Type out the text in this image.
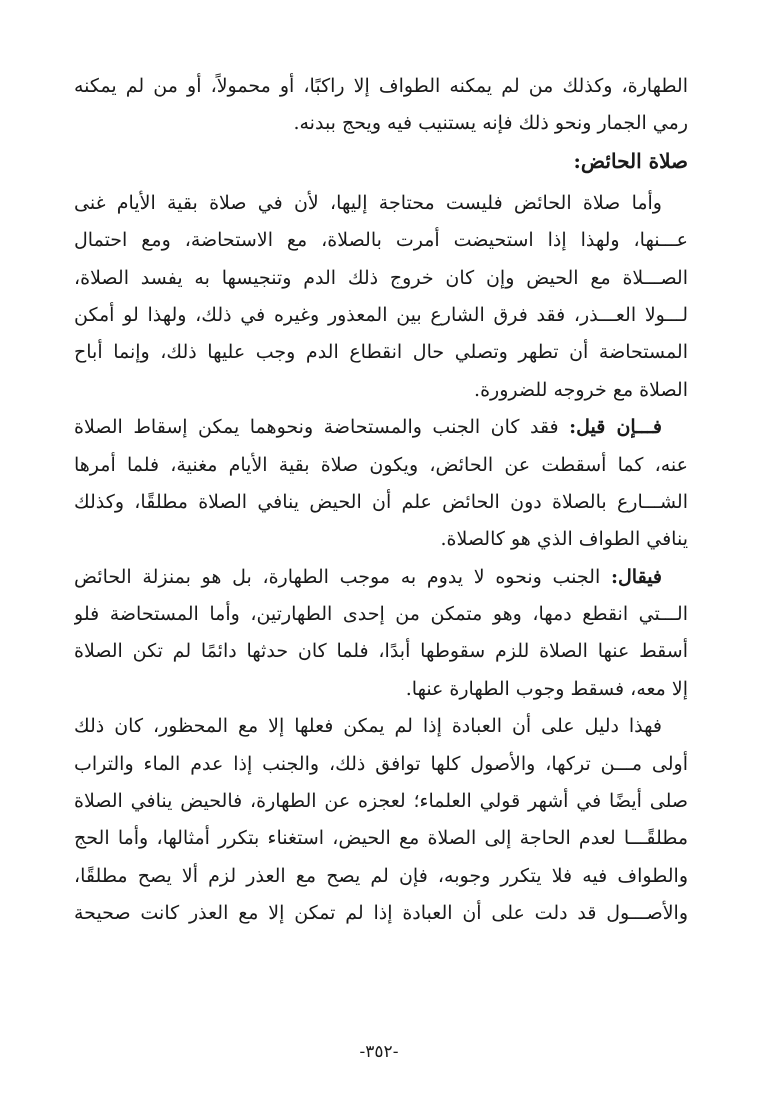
الطهارة، وكذلك من لم يمكنه الطواف إلا راكبًا، أو محمولاً، أو من لم يمكنه
رمي الجمار ونحو ذلك فإنه يستنيب فيه ويحج ببدنه.
صلاة الحائض:
وأما صلاة الحائض فليست محتاجة إليها، لأن في صلاة بقية الأيام غنى
عـــنها، ولهذا إذا استحيضت أمرت بالصلاة، مع الاستحاضة، ومع احتمال
الصـــلاة مع الحيض وإن كان خروج ذلك الدم وتنجيسها به يفسد الصلاة،
لـــولا العـــذر، فقد فرق الشارع بين المعذور وغيره في ذلك، ولهذا لو أمكن
المستحاضة أن تطهر وتصلي حال انقطاع الدم وجب عليها ذلك، وإنما أباح
الصلاة مع خروجه للضرورة.
فـــإن قيل: فقد كان الجنب والمستحاضة ونحوهما يمكن إسقاط الصلاة
عنه، كما أسقطت عن الحائض، ويكون صلاة بقية الأيام مغنية، فلما أمرها
الشـــارع بالصلاة دون الحائض علم أن الحيض ينافي الصلاة مطلقًا، وكذلك
ينافي الطواف الذي هو كالصلاة.
فيقال: الجنب ونحوه لا يدوم به موجب الطهارة، بل هو بمنزلة الحائض
الـــتي انقطع دمها، وهو متمكن من إحدى الطهارتين، وأما المستحاضة فلو
أسقط عنها الصلاة للزم سقوطها أبدًا، فلما كان حدثها دائمًا لم تكن الصلاة
إلا معه، فسقط وجوب الطهارة عنها.
فهذا دليل على أن العبادة إذا لم يمكن فعلها إلا مع المحظور، كان ذلك
أولى مـــن تركها، والأصول كلها توافق ذلك، والجنب إذا عدم الماء والتراب
صلى أيضًا في أشهر قولي العلماء؛ لعجزه عن الطهارة، فالحيض ينافي الصلاة
مطلقًـــا لعدم الحاجة إلى الصلاة مع الحيض، استغناء بتكرر أمثالها، وأما الحج
والطواف فيه فلا يتكرر وجوبه، فإن لم يصح مع العذر لزم ألا يصح مطلقًا،
والأصـــول قد دلت على أن العبادة إذا لم تمكن إلا مع العذر كانت صحيحة
-٣٥٢-
